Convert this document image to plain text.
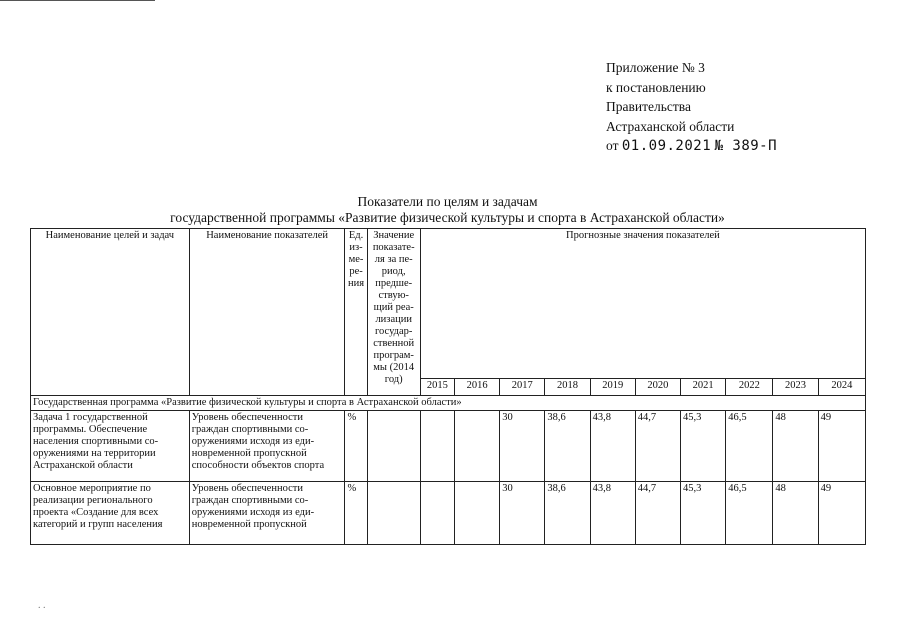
Приложение № 3
к постановлению
Правительства
Астраханской области
от 01.09.2021 № 389-П
Показатели по целям и задачам
государственной программы «Развитие физической культуры и спорта в Астраханской области»
Наименование целей и задач	Наименование показателей	Ед. из-ме-ре-ния	Значение показате-ля за пе-риод, предше-ствую-щий реа-лизации государ-ственной програм-мы (2014 год)	Прогнозные значения показателей									
				2015	2016	2017	2018	2019	2020	2021	2022	2023	2024
Государственная программа «Развитие физической культуры и спорта в Астраханской области»													
Задача 1 государственной программы. Обеспечение населения спортивными со-оружениями на территории Астраханской области	Уровень обеспеченности граждан спортивными со-оружениями исходя из еди-новременной пропускной способности объектов спорта	%				30	38,6	43,8	44,7	45,3	46,5	48	49
Основное мероприятие по реализации регионального проекта «Создание для всех категорий и групп населения	Уровень обеспеченности граждан спортивными со-оружениями исходя из еди-новременной пропускной	%				30	38,6	43,8	44,7	45,3	46,5	48	49
. .
